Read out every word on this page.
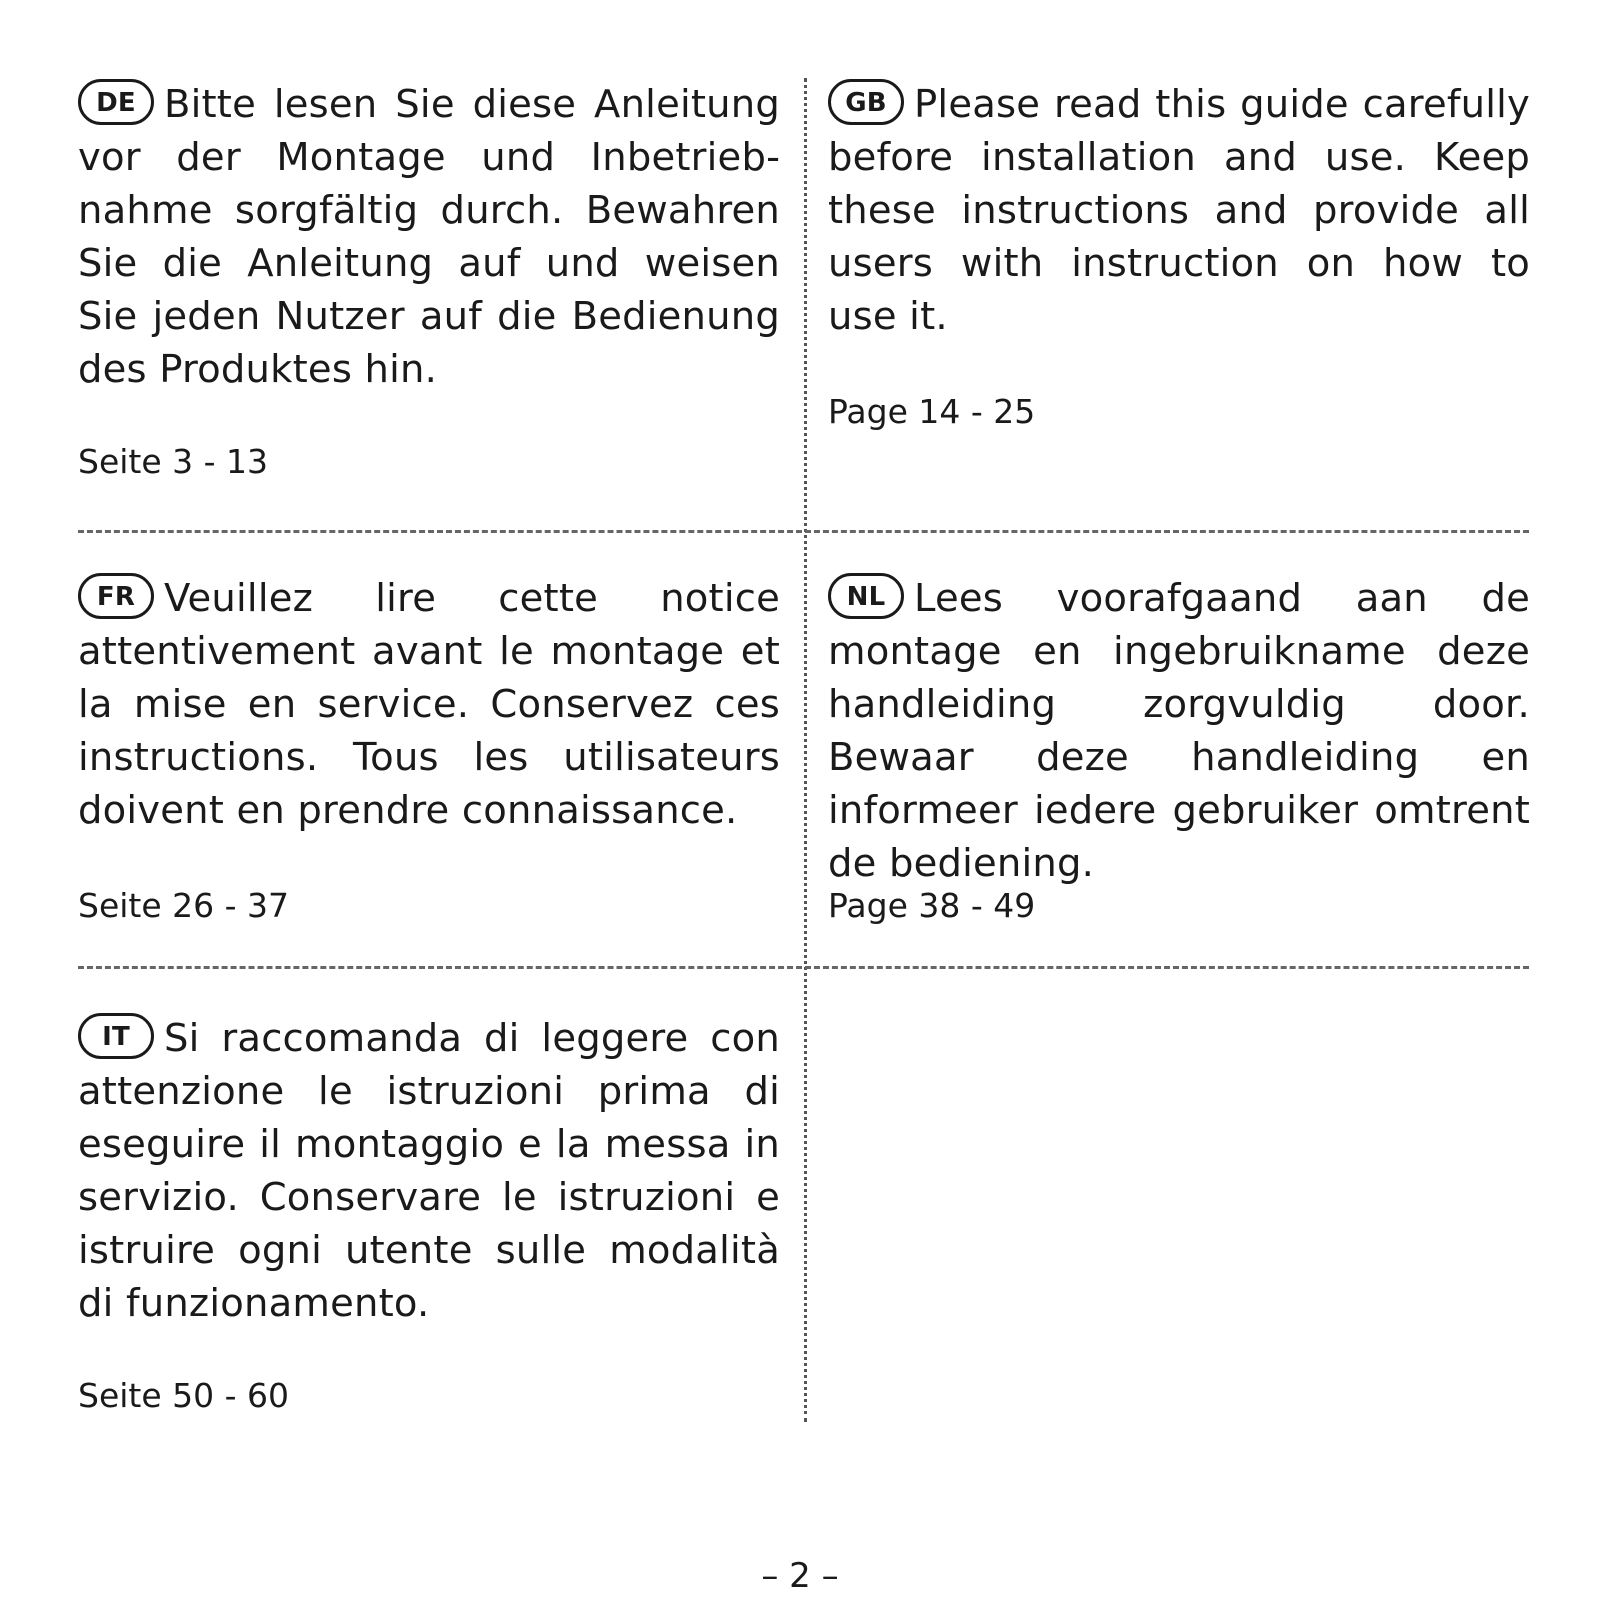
DE Bitte lesen Sie diese Anleitung vor der Montage und Inbetriebnahme sorgfältig durch. Bewahren Sie die Anleitung auf und weisen Sie jeden Nutzer auf die Bedienung des Produktes hin.

Seite 3 - 13

GB Please read this guide carefully before installation and use. Keep these instructions and provide all users with instruction on how to use it.

Page 14 - 25

FR Veuillez lire cette notice attentivement avant le montage et la mise en service. Conservez ces instructions. Tous les utilisateurs doivent en prendre connaissance.

Seite 26 - 37

NL Lees voorafgaand aan de montage en ingebruikname deze handleiding zorgvuldig door. Bewaar deze handleiding en informeer iedere gebruiker omtrent de bediening.

Page 38 - 49

IT Si raccomanda di leggere con attenzione le istruzioni prima di eseguire il montaggio e la messa in servizio. Conservare le istruzioni e istruire ogni utente sulle modalità di funzionamento.

Seite 50 - 60
– 2 –
